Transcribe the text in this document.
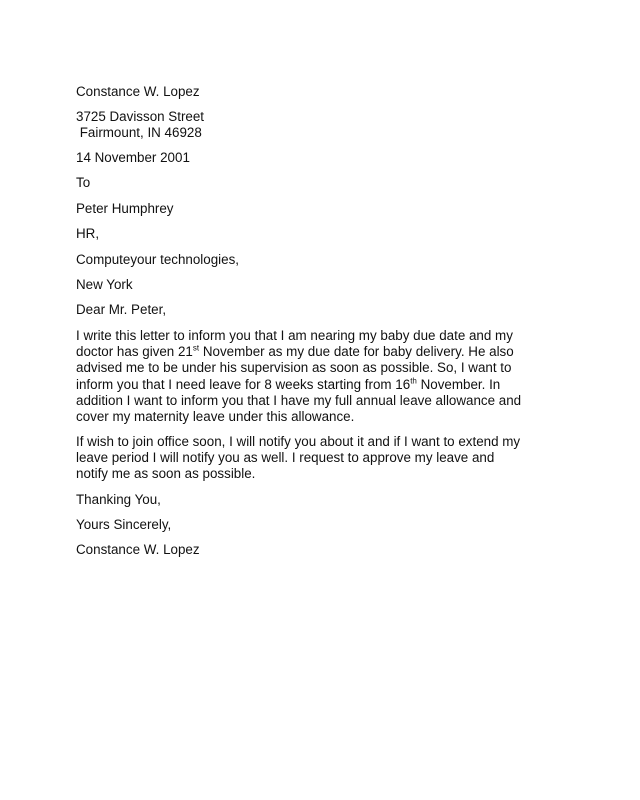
Constance W. Lopez

3725 Davisson Street

Fairmount, IN 46928

14 November 2001

To

Peter Humphrey

HR,

Computeyour technologies,

New York

Dear Mr. Peter,

I write this letter to inform you that I am nearing my baby due date and my
doctor has given 21st November as my due date for baby delivery. He also
advised me to be under his supervision as soon as possible. So, I want to
inform you that I need leave for 8 weeks starting from 16th November. In
addition I want to inform you that I have my full annual leave allowance and
cover my maternity leave under this allowance.
If wish to join office soon, I will notify you about it and if I want to extend my
leave period I will notify you as well. I request to approve my leave and
notify me as soon as possible.

Thanking You,

Yours Sincerely,

Constance W. Lopez
